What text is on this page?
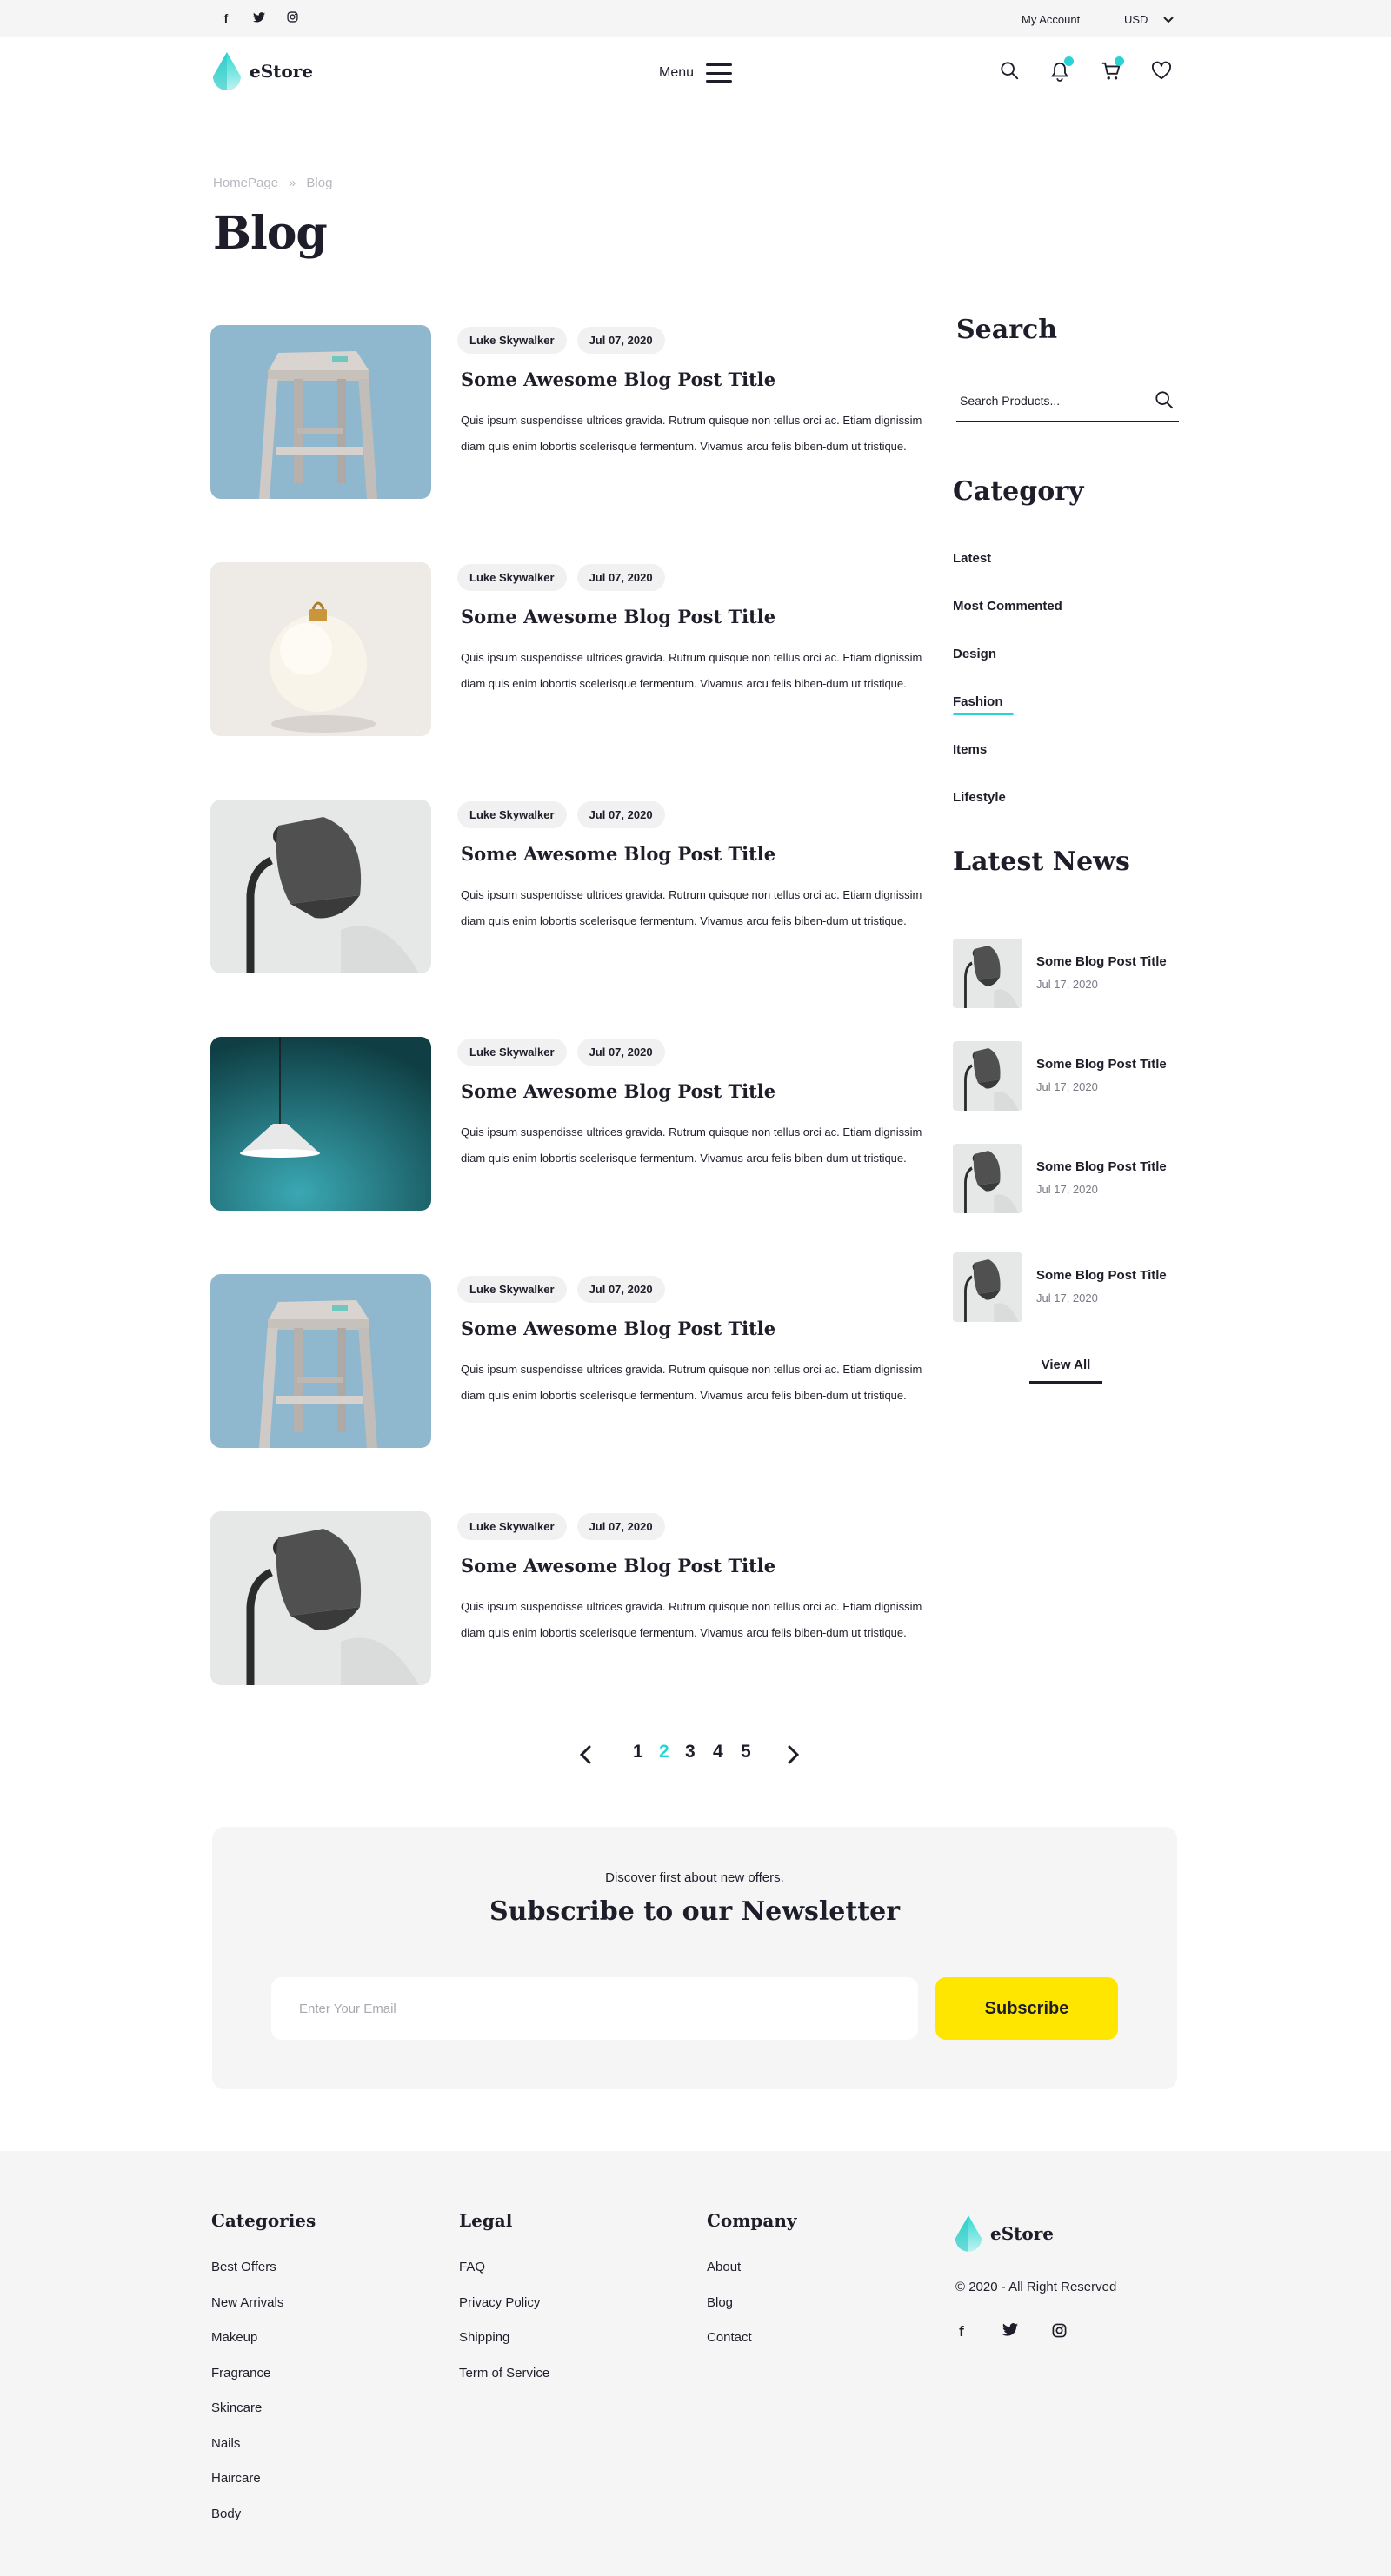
f	My Account	USD
eStore	Menu
HomePage » Blog
Blog
Luke Skywalker	Jul 07, 2020
Some Awesome Blog Post Title
Quis ipsum suspendisse ultrices gravida. Rutrum quisque non tellus orci ac. Etiam dignissim diam quis enim lobortis scelerisque fermentum. Vivamus arcu felis biben-dum ut tristique.
Luke Skywalker	Jul 07, 2020
Some Awesome Blog Post Title
Quis ipsum suspendisse ultrices gravida. Rutrum quisque non tellus orci ac. Etiam dignissim diam quis enim lobortis scelerisque fermentum. Vivamus arcu felis biben-dum ut tristique.
Luke Skywalker	Jul 07, 2020
Some Awesome Blog Post Title
Quis ipsum suspendisse ultrices gravida. Rutrum quisque non tellus orci ac. Etiam dignissim diam quis enim lobortis scelerisque fermentum. Vivamus arcu felis biben-dum ut tristique.
Luke Skywalker	Jul 07, 2020
Some Awesome Blog Post Title
Quis ipsum suspendisse ultrices gravida. Rutrum quisque non tellus orci ac. Etiam dignissim diam quis enim lobortis scelerisque fermentum. Vivamus arcu felis biben-dum ut tristique.
Luke Skywalker	Jul 07, 2020
Some Awesome Blog Post Title
Quis ipsum suspendisse ultrices gravida. Rutrum quisque non tellus orci ac. Etiam dignissim diam quis enim lobortis scelerisque fermentum. Vivamus arcu felis biben-dum ut tristique.
Luke Skywalker	Jul 07, 2020
Some Awesome Blog Post Title
Quis ipsum suspendisse ultrices gravida. Rutrum quisque non tellus orci ac. Etiam dignissim diam quis enim lobortis scelerisque fermentum. Vivamus arcu felis biben-dum ut tristique.
Search
Search Products...
Category
Latest
Most Commented
Design
Fashion
Items
Lifestyle
Latest News
Some Blog Post Title
Jul 17, 2020
Some Blog Post Title
Jul 17, 2020
Some Blog Post Title
Jul 17, 2020
Some Blog Post Title
Jul 17, 2020
View All
1 2 3 4 5
Discover first about new offers.
Subscribe to our Newsletter
Enter Your Email
Subscribe
Categories
Best Offers
New Arrivals
Makeup
Fragrance
Skincare
Nails
Haircare
Body
Legal
FAQ
Privacy Policy
Shipping
Term of Service
Company
About
Blog
Contact
eStore
© 2020 - All Right Reserved
f
